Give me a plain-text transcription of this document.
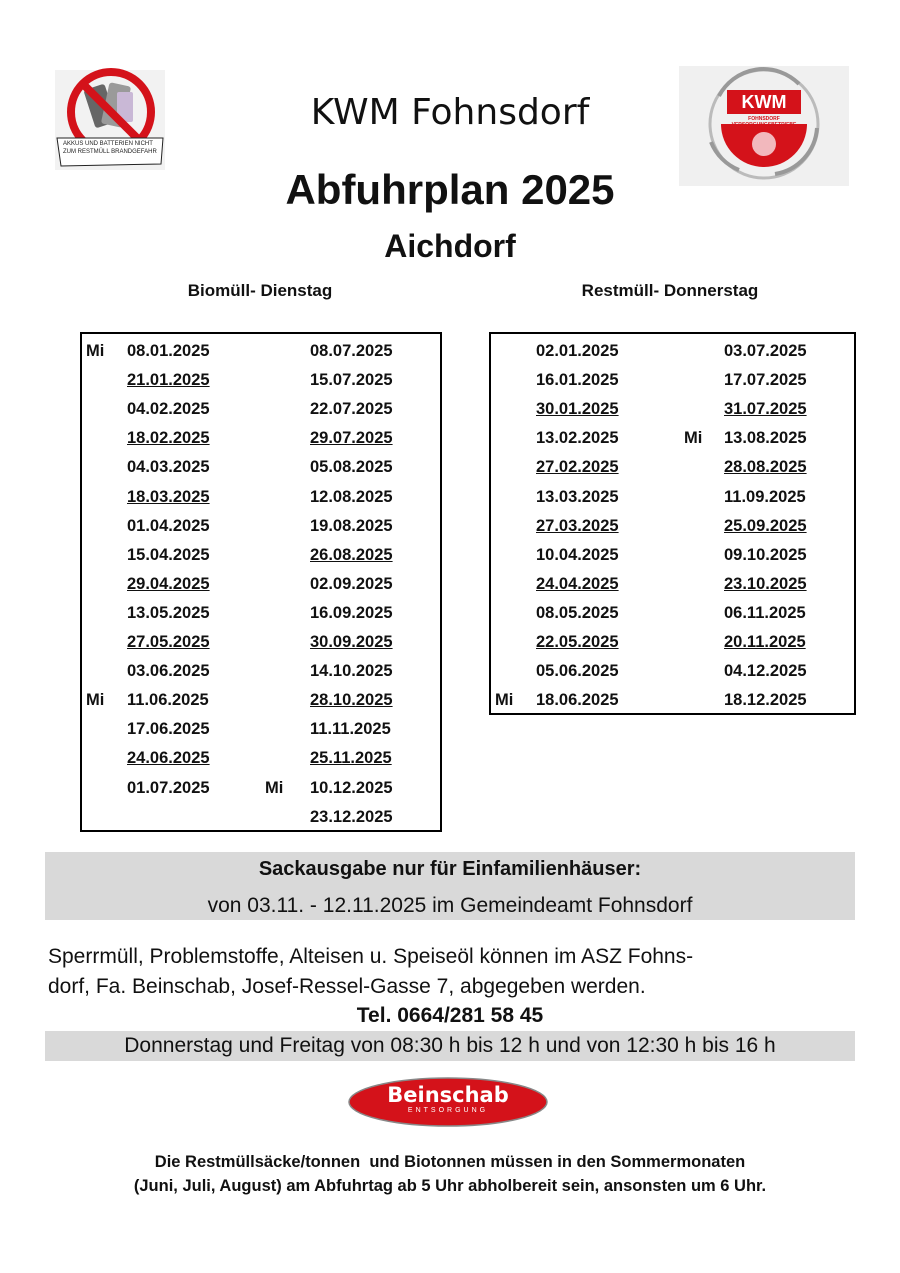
AKKUS UND BATTERIEN NICHT ZUM RESTMÜLL BRANDGEFAHR
KWM Fohnsdorf	KWM
FOHNSDORF VERSORGUNGSBETRIEBE GMBH
Abfuhrplan 2025
Aichdorf
Biomüll- Dienstag	Restmüll- Donnerstag
Mi 08.01.2025
21.01.2025
04.02.2025
18.02.2025
04.03.2025
18.03.2025
01.04.2025
15.04.2025
29.04.2025
13.05.2025
27.05.2025
03.06.2025
Mi 11.06.2025
17.06.2025
24.06.2025
01.07.2025
08.07.2025
15.07.2025
22.07.2025
29.07.2025
05.08.2025
12.08.2025
19.08.2025
26.08.2025
02.09.2025
16.09.2025
30.09.2025
14.10.2025
28.10.2025
11.11.2025
25.11.2025
Mi 10.12.2025
23.12.2025
02.01.2025
16.01.2025
30.01.2025
13.02.2025
27.02.2025
13.03.2025
27.03.2025
10.04.2025
24.04.2025
08.05.2025
22.05.2025
05.06.2025
Mi 18.06.2025
03.07.2025
17.07.2025
31.07.2025
Mi 13.08.2025
28.08.2025
11.09.2025
25.09.2025
09.10.2025
23.10.2025
06.11.2025
20.11.2025
04.12.2025
18.12.2025
Sackausgabe nur für Einfamilienhäuser:
von 03.11. - 12.11.2025 im Gemeindeamt Fohnsdorf
Sperrmüll, Problemstoffe, Alteisen u. Speiseöl können im ASZ Fohns-
dorf, Fa. Beinschab, Josef-Ressel-Gasse 7, abgegeben werden.
Tel. 0664/281 58 45
Donnerstag und Freitag von 08:30 h bis 12 h und von 12:30 h bis 16 h
Beinschab
ENTSORGUNG
Die Restmüllsäcke/tonnen  und Biotonnen müssen in den Sommermonaten
(Juni, Juli, August) am Abfuhrtag ab 5 Uhr abholbereit sein, ansonsten um 6 Uhr.
